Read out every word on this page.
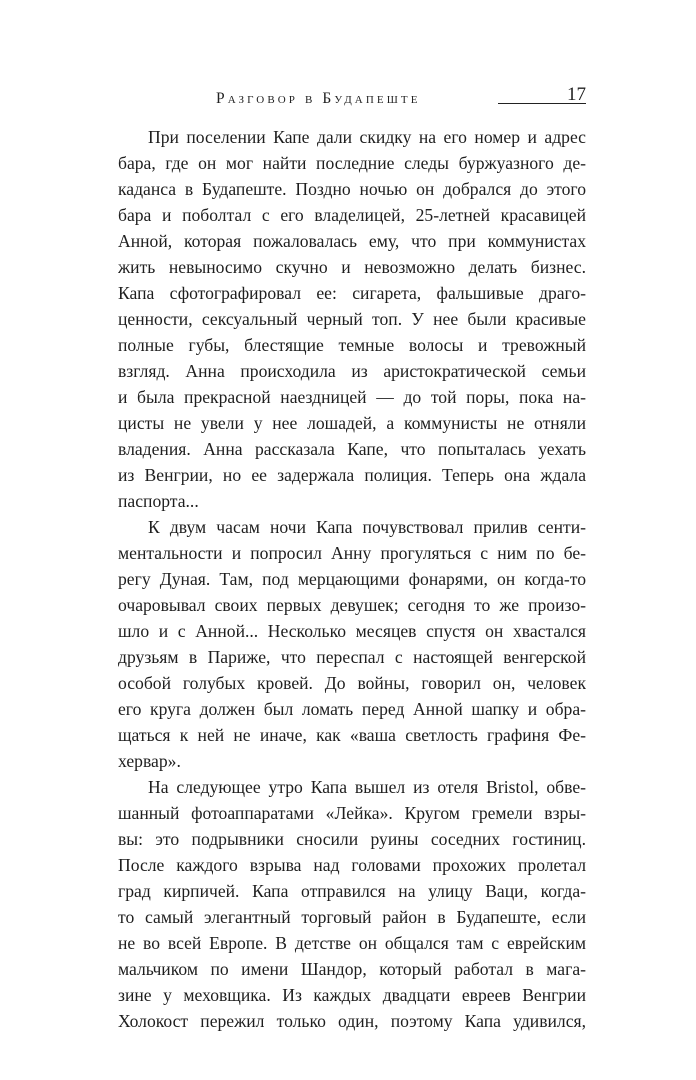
Разговор в Будапеште	17
При поселении Капе дали скидку на его номер и адрес
бара, где он мог найти последние следы буржуазного де-
каданса в Будапеште. Поздно ночью он добрался до этого
бара и поболтал с его владелицей, 25-летней красавицей
Анной, которая пожаловалась ему, что при коммунистах
жить невыносимо скучно и невозможно делать бизнес.
Капа сфотографировал ее: сигарета, фальшивые драго-
ценности, сексуальный черный топ. У нее были красивые
полные губы, блестящие темные волосы и тревожный
взгляд. Анна происходила из аристократической семьи
и была прекрасной наездницей — до той поры, пока на-
цисты не увели у нее лошадей, а коммунисты не отняли
владения. Анна рассказала Капе, что попыталась уехать
из Венгрии, но ее задержала полиция. Теперь она ждала
паспорта...
К двум часам ночи Капа почувствовал прилив сенти-
ментальности и попросил Анну прогуляться с ним по бе-
регу Дуная. Там, под мерцающими фонарями, он когда-то
очаровывал своих первых девушек; сегодня то же произо-
шло и с Анной... Несколько месяцев спустя он хвастался
друзьям в Париже, что переспал с настоящей венгерской
особой голубых кровей. До войны, говорил он, человек
его круга должен был ломать перед Анной шапку и обра-
щаться к ней не иначе, как «ваша светлость графиня Фе-
хервар».
На следующее утро Капа вышел из отеля Bristol, обве-
шанный фотоаппаратами «Лейка». Кругом гремели взры-
вы: это подрывники сносили руины соседних гостиниц.
После каждого взрыва над головами прохожих пролетал
град кирпичей. Капа отправился на улицу Ваци, когда-
то самый элегантный торговый район в Будапеште, если
не во всей Европе. В детстве он общался там с еврейским
мальчиком по имени Шандор, который работал в магa-
зине у меховщика. Из каждых двадцати евреев Венгрии
Холокост пережил только один, поэтому Капа удивился,
